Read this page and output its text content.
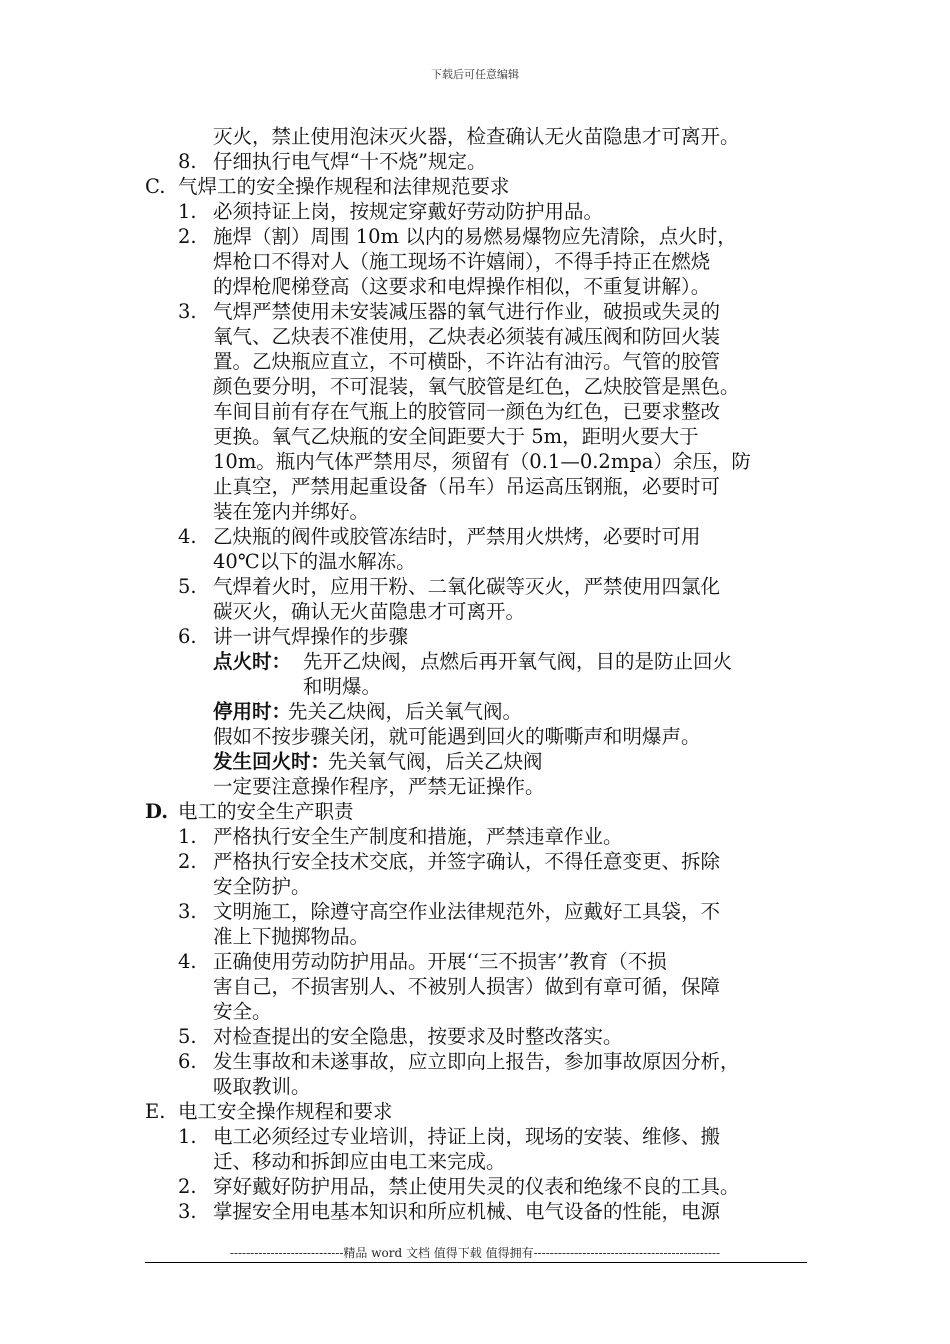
下载后可任意编辑
灭火，禁止使用泡沫灭火器，检查确认无火苗隐患才可离开。
8. 仔细执行电气焊“十不烧”规定。
C. 气焊工的安全操作规程和法律规范要求
1. 必须持证上岗，按规定穿戴好劳动防护用品。
2. 施焊（割）周围 10m 以内的易燃易爆物应先清除，点火时，
焊枪口不得对人（施工现场不许嬉闹），不得手持正在燃烧
的焊枪爬梯登高（这要求和电焊操作相似，不重复讲解）。
3. 气焊严禁使用未安装减压器的氧气进行作业，破损或失灵的
氧气、乙炔表不准使用，乙炔表必须装有减压阀和防回火装
置。乙炔瓶应直立，不可横卧，不许沾有油污。气管的胶管
颜色要分明，不可混装，氧气胶管是红色，乙炔胶管是黑色。
车间目前有存在气瓶上的胶管同一颜色为红色，已要求整改
更换。氧气乙炔瓶的安全间距要大于 5m，距明火要大于
10m。瓶内气体严禁用尽，须留有（0.1—0.2mpa）余压，防
止真空，严禁用起重设备（吊车）吊运高压钢瓶，必要时可
装在笼内并绑好。
4. 乙炔瓶的阀件或胶管冻结时，严禁用火烘烤，必要时可用
40℃以下的温水解冻。
5. 气焊着火时，应用干粉、二氧化碳等灭火，严禁使用四氯化
碳灭火，确认无火苗隐患才可离开。
6. 讲一讲气焊操作的步骤
点火时： 先开乙炔阀，点燃后再开氧气阀，目的是防止回火
和明爆。
停用时：
先关乙炔阀，后关氧气阀。
假如不按步骤关闭，就可能遇到回火的嘶嘶声和明爆声。
发生回火时：
先关氧气阀，后关乙炔阀
一定要注意操作程序，严禁无证操作。
D. 电工的安全生产职责
1. 严格执行安全生产制度和措施，严禁违章作业。
2. 严格执行安全技术交底，并签字确认，不得任意变更、拆除
安全防护。
3. 文明施工，除遵守高空作业法律规范外，应戴好工具袋，不
准上下抛掷物品。
4. 正确使用劳动防护用品。开展‘‘三不损害’’教育（不损
害自己，不损害别人、不被别人损害）做到有章可循，保障
安全。
5. 对检查提出的安全隐患，按要求及时整改落实。
6. 发生事故和未遂事故，应立即向上报告，参加事故原因分析，
吸取教训。
E. 电工安全操作规程和要求
1. 电工必须经过专业培训，持证上岗，现场的安装、维修、搬
迁、移动和拆卸应由电工来完成。
2. 穿好戴好防护用品，禁止使用失灵的仪表和绝缘不良的工具。
3. 掌握安全用电基本知识和所应机械、电气设备的性能，电源
----------------------------精品 word 文档 值得下载 值得拥有----------------------------------------------
